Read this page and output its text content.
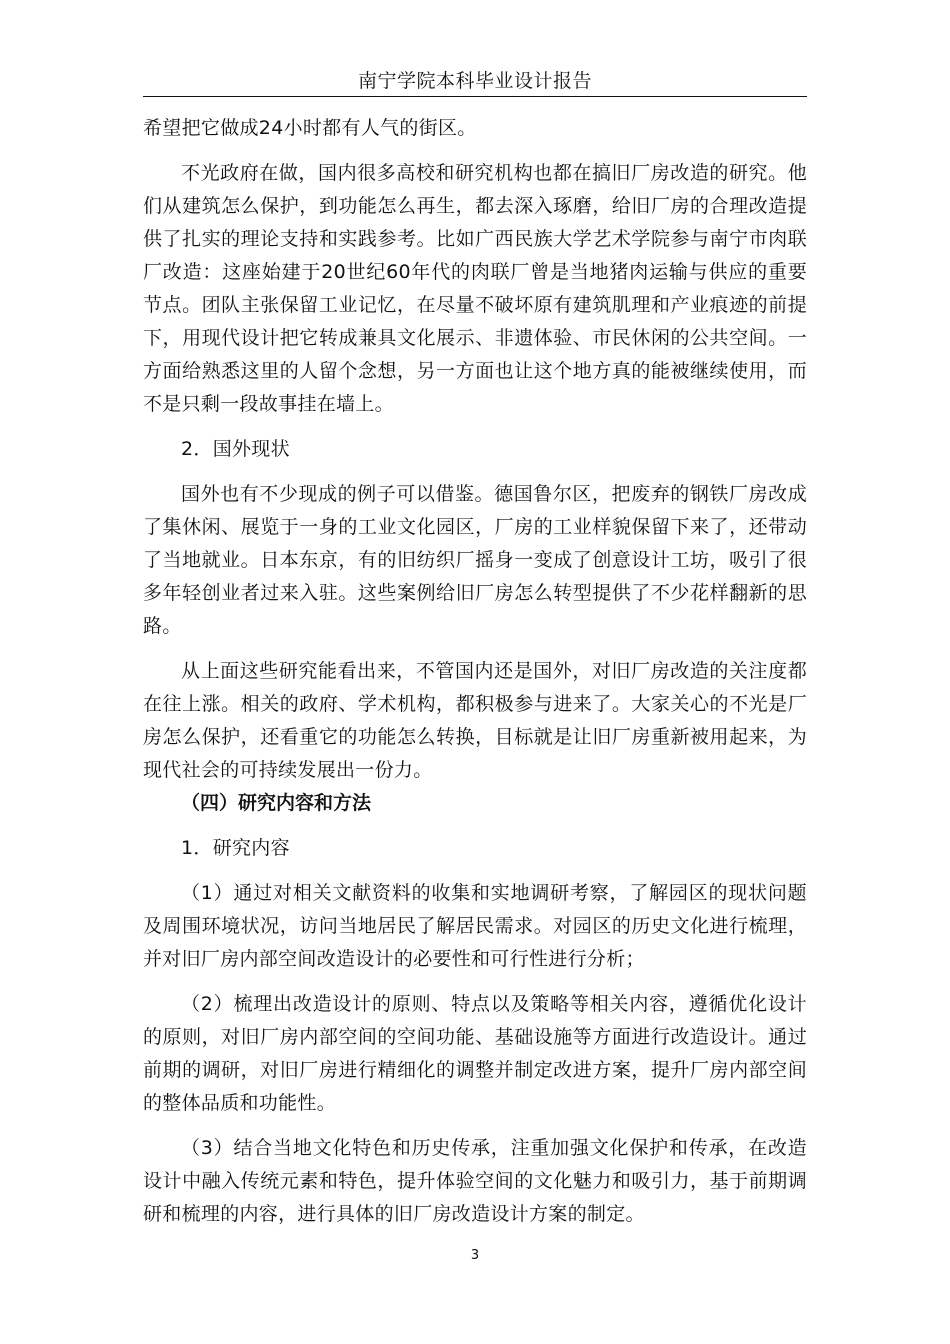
南宁学院本科毕业设计报告

希望把它做成24小时都有人气的街区。

不光政府在做，国内很多高校和研究机构也都在搞旧厂房改造的研究。他们从建筑怎么保护，到功能怎么再生，都去深入琢磨，给旧厂房的合理改造提供了扎实的理论支持和实践参考。比如广西民族大学艺术学院参与南宁市肉联厂改造：这座始建于20世纪60年代的肉联厂曾是当地猪肉运输与供应的重要节点。团队主张保留工业记忆，在尽量不破坏原有建筑肌理和产业痕迹的前提下，用现代设计把它转成兼具文化展示、非遗体验、市民休闲的公共空间。一方面给熟悉这里的人留个念想，另一方面也让这个地方真的能被继续使用，而不是只剩一段故事挂在墙上。

2．国外现状

国外也有不少现成的例子可以借鉴。德国鲁尔区，把废弃的钢铁厂房改成了集休闲、展览于一身的工业文化园区，厂房的工业样貌保留下来了，还带动了当地就业。日本东京，有的旧纺织厂摇身一变成了创意设计工坊，吸引了很多年轻创业者过来入驻。这些案例给旧厂房怎么转型提供了不少花样翻新的思路。

从上面这些研究能看出来，不管国内还是国外，对旧厂房改造的关注度都在往上涨。相关的政府、学术机构，都积极参与进来了。大家关心的不光是厂房怎么保护，还看重它的功能怎么转换，目标就是让旧厂房重新被用起来，为现代社会的可持续发展出一份力。

（四）研究内容和方法

1．研究内容

（1）通过对相关文献资料的收集和实地调研考察，了解园区的现状问题及周围环境状况，访问当地居民了解居民需求。对园区的历史文化进行梳理，并对旧厂房内部空间改造设计的必要性和可行性进行分析；

（2）梳理出改造设计的原则、特点以及策略等相关内容，遵循优化设计的原则，对旧厂房内部空间的空间功能、基础设施等方面进行改造设计。通过前期的调研，对旧厂房进行精细化的调整并制定改进方案，提升厂房内部空间的整体品质和功能性。

（3）结合当地文化特色和历史传承，注重加强文化保护和传承，在改造设计中融入传统元素和特色，提升体验空间的文化魅力和吸引力，基于前期调研和梳理的内容，进行具体的旧厂房改造设计方案的制定。

3
